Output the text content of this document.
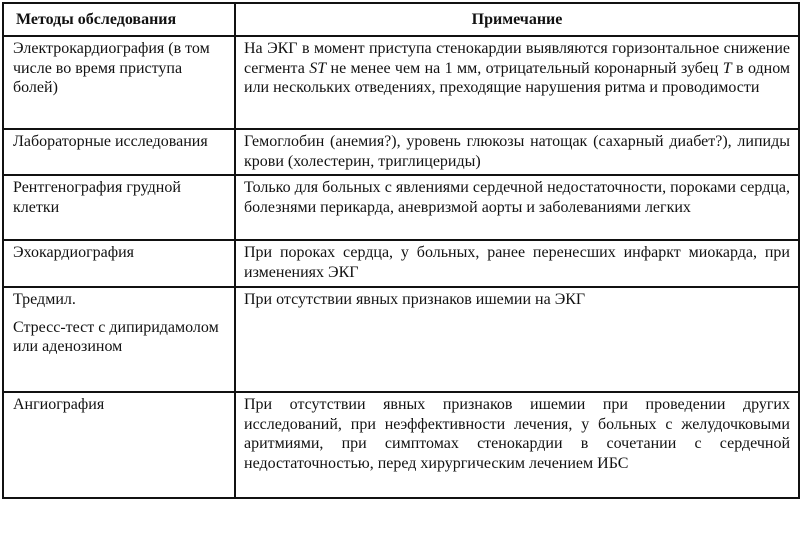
Методы обследования	Примечание
Электрокардиография (в том числе во время приступа болей)	На ЭКГ в момент приступа стенокардии выявляются горизонтальное снижение сегмента ST не менее чем на 1 мм, отрицательный коронарный зубец T в одном или нескольких отведениях, преходящие нарушения ритма и проводимости
Лабораторные исследования	Гемоглобин (анемия?), уровень глюкозы натощак (сахарный диабет?), липиды крови (холестерин, триглицериды)
Рентгенография грудной клетки	Только для больных с явлениями сердечной недостаточности, пороками сердца, болезнями перикарда, аневризмой аорты и заболеваниями легких
Эхокардиография	При пороках сердца, у больных, ранее перенесших инфаркт миокарда, при изменениях ЭКГ
Тредмил.
Стресс-тест с дипиридамолом или аденозином	При отсутствии явных признаков ишемии на ЭКГ
Ангиография	При отсутствии явных признаков ишемии при проведении других исследований, при неэффективности лечения, у больных с желудочковыми аритмиями, при симптомах стенокардии в сочетании с сердечной недостаточностью, перед хирургическим лечением ИБС
